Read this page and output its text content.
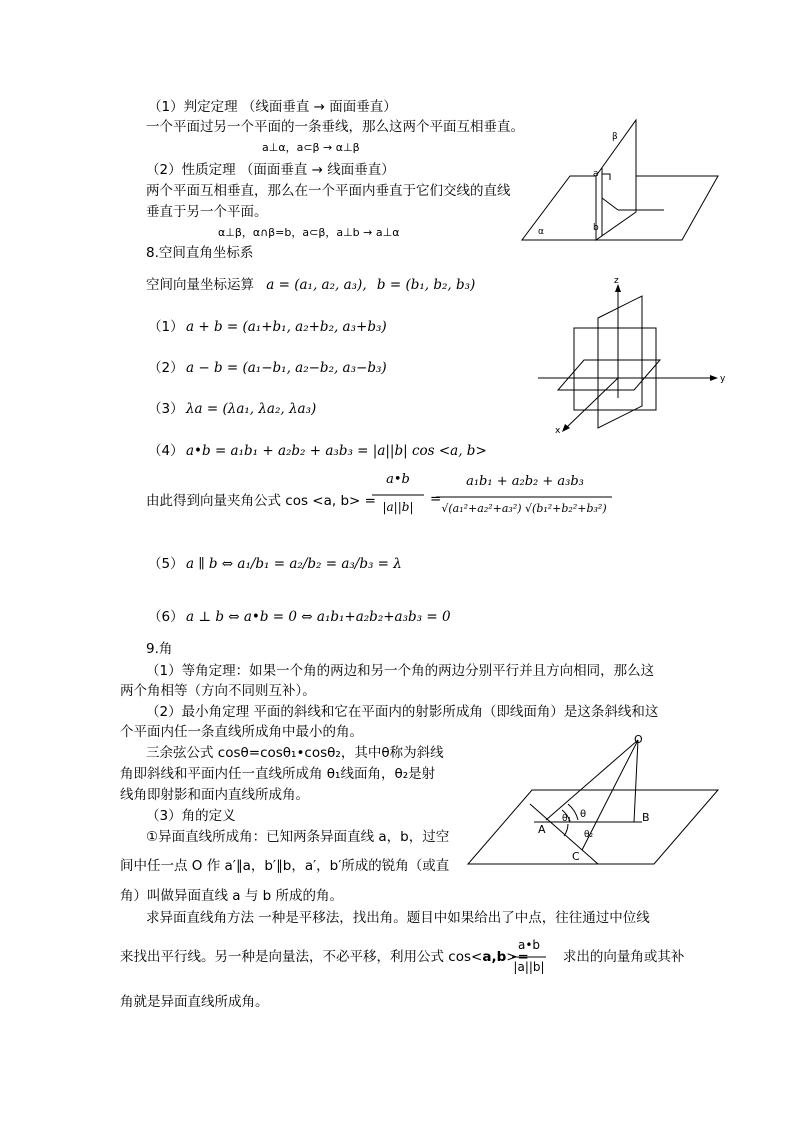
（1）判定定理 （线面垂直 → 面面垂直）
一个平面过另一个平面的一条垂线，那么这两个平面互相垂直。
a⊥α，a⊂β → α⊥β
（2）性质定理 （面面垂直 → 线面垂直）
两个平面互相垂直，那么在一个平面内垂直于它们交线的直线
垂直于另一个平面。
α⊥β，α∩β=b，a⊂β，a⊥b → a⊥α
β
a
b
α
8.空间直角坐标系
空间向量坐标运算 a = (a₁, a₂, a₃), b = (b₁, b₂, b₃)
（1） a + b = (a₁+b₁, a₂+b₂, a₃+b₃)
（2） a − b = (a₁−b₁, a₂−b₂, a₃−b₃)
（3） λa = (λa₁, λa₂, λa₃)
（4） a•b = a₁b₁ + a₂b₂ + a₃b₃ = |a||b| cos <a, b>
由此得到向量夹角公式 cos <a, b> =
a•b
|a||b|	=
a₁b₁ + a₂b₂ + a₃b₃
√(a₁²+a₂²+a₃²) √(b₁²+b₂²+b₃²)
（5） a ∥ b ⇔ a₁/b₁ = a₂/b₂ = a₃/b₃ = λ
（6） a ⊥ b ⇔ a•b = 0 ⇔ a₁b₁+a₂b₂+a₃b₃ = 0
z
y
x
9.角
（1）等角定理：如果一个角的两边和另一个角的两边分别平行并且方向相同，那么这
两个角相等（方向不同则互补）。
（2）最小角定理 平面的斜线和它在平面内的射影所成角（即线面角）是这条斜线和这
个平面内任一条直线所成角中最小的角。
三余弦公式 cosθ=cosθ₁•cosθ₂，其中θ称为斜线
角即斜线和平面内任一直线所成角 θ₁线面角，θ₂是射
线角即射影和面内直线所成角。
（3）角的定义
①异面直线所成角：已知两条异面直线 a，b，过空
间中任一点 O 作 a′∥a，b′∥b，a′，b′所成的锐角（或直
角）叫做异面直线 a 与 b 所成的角。
求异面直线角方法 一种是平移法，找出角。题目中如果给出了中点，往往通过中位线
来找出平行线。另一种是向量法，不必平移，利用公式 cos<a,b>=	求出的向量角或其补
a•b
|a||b|
角就是异面直线所成角。
O
B
A
C
θ
θ₁
θ₂
